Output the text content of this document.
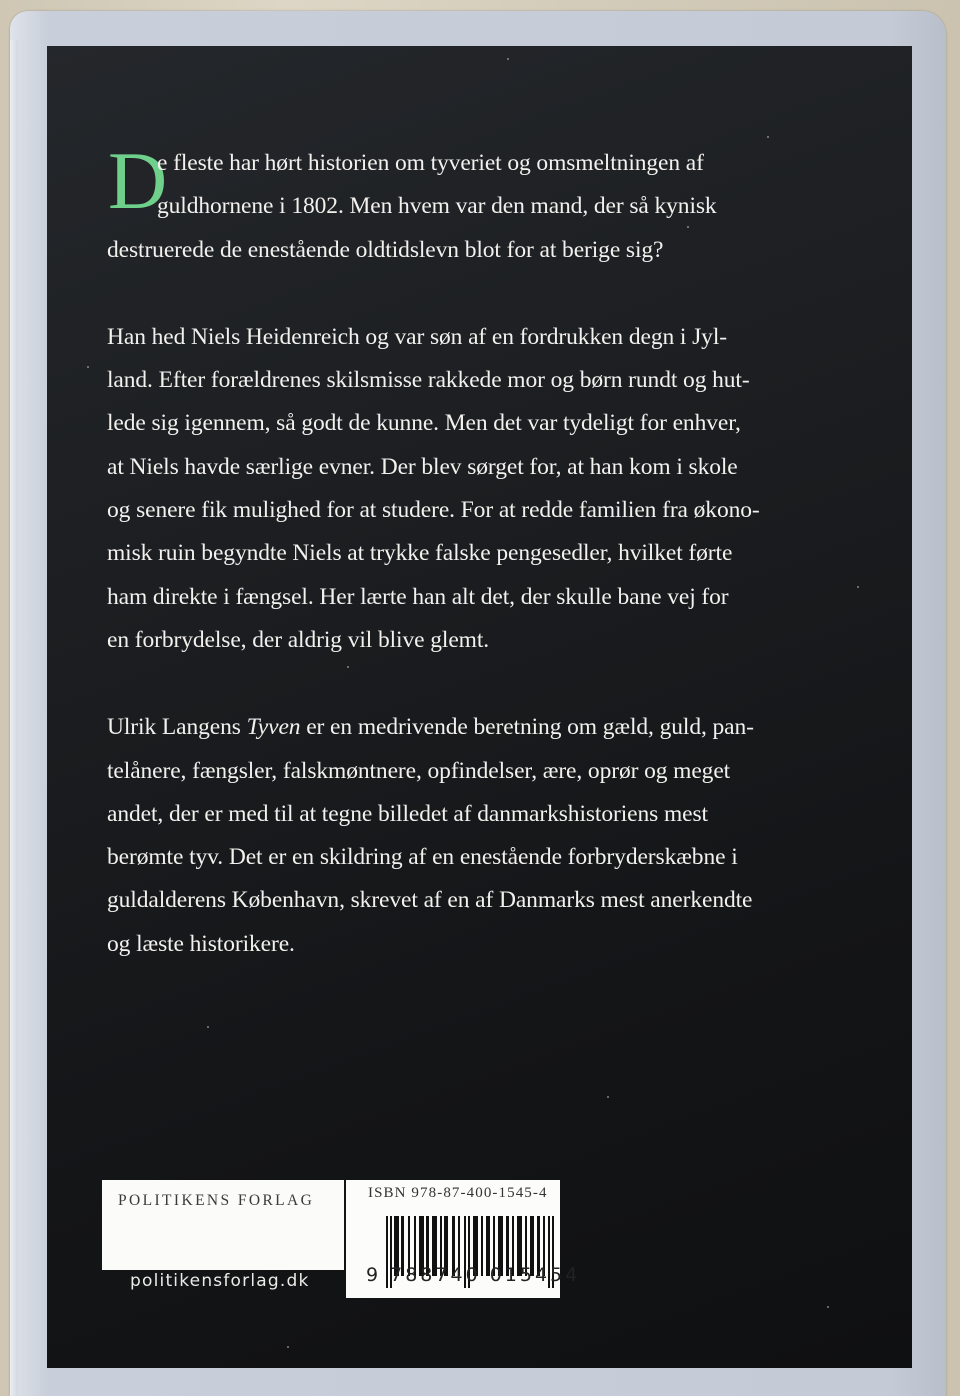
D

e fleste har hørt historien om tyveriet og omsmeltningen af
guldhornene i 1802. Men hvem var den mand, der så kynisk
destruerede de enestående oldtidslevn blot for at berige sig?

Han hed Niels Heidenreich og var søn af en fordrukken degn i Jyl-
land. Efter forældrenes skilsmisse rakkede mor og børn rundt og hut-
lede sig igennem, så godt de kunne. Men det var tydeligt for enhver,
at Niels havde særlige evner. Der blev sørget for, at han kom i skole
og senere fik mulighed for at studere. For at redde familien fra økono-
misk ruin begyndte Niels at trykke falske pengesedler, hvilket førte
ham direkte i fængsel. Her lærte han alt det, der skulle bane vej for
en forbrydelse, der aldrig vil blive glemt.

Ulrik Langens Tyven er en medrivende beretning om gæld, guld, pan-
telånere, fængsler, falskmøntnere, opfindelser, ære, oprør og meget
andet, der er med til at tegne billedet af danmarkshistoriens mest
berømte tyv. Det er en skildring af en enestående forbryderskæbne i
guldalderens København, skrevet af en af Danmarks mest anerkendte
og læste historikere.

POLITIKENS FORLAG
politikensforlag.dk
ISBN 978-87-400-1545-4
9 788740 015454
